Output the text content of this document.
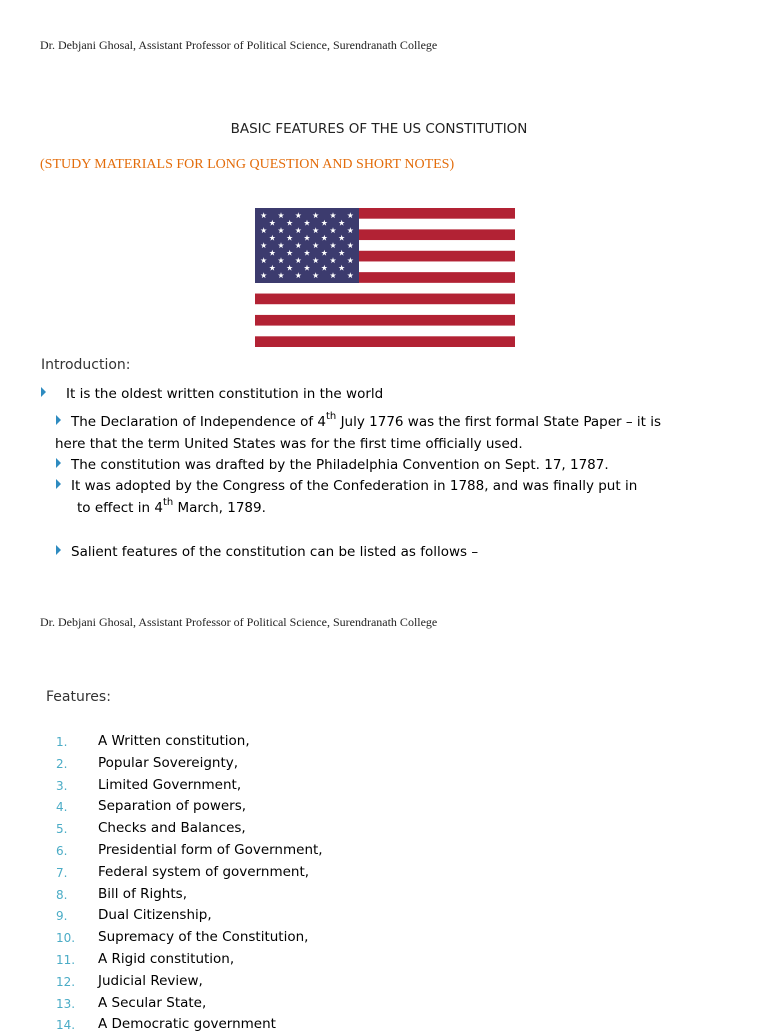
Dr. Debjani Ghosal, Assistant Professor of Political Science, Surendranath College
BASIC FEATURES OF THE US CONSTITUTION
(STUDY MATERIALS FOR LONG QUESTION AND SHORT NOTES)
Introduction:
It is the oldest written constitution in the world
The Declaration of Independence of 4th July 1776 was the first formal State Paper – it is
here that the term United States was for the first time officially used.
The constitution was drafted by the Philadelphia Convention on Sept. 17, 1787.
It was adopted by the Congress of the Confederation in 1788, and was finally put in
to effect in 4th March, 1789.
Salient features of the constitution can be listed as follows –
Dr. Debjani Ghosal, Assistant Professor of Political Science, Surendranath College
Features:
1. A Written constitution,
2. Popular Sovereignty,
3. Limited Government,
4. Separation of powers,
5. Checks and Balances,
6. Presidential form of Government,
7. Federal system of government,
8. Bill of Rights,
9. Dual Citizenship,
10. Supremacy of the Constitution,
11. A Rigid constitution,
12. Judicial Review,
13. A Secular State,
14. A Democratic government
